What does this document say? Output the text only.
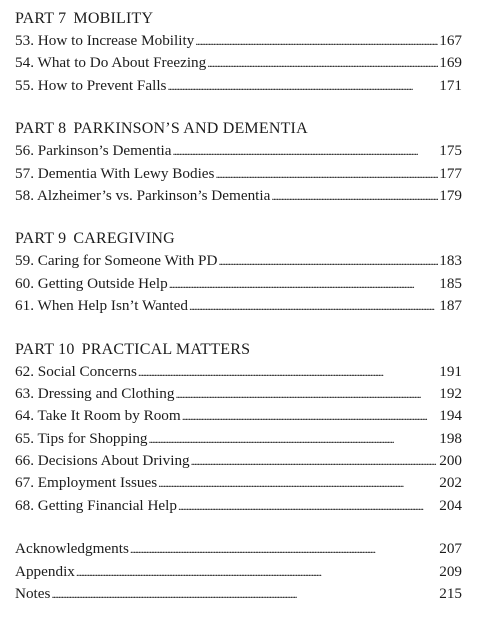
PART 7 MOBILITY
53. How to Increase Mobility . . .	167
54. What to Do About Freezing . . .	169
55. How to Prevent Falls . . .	171
PART 8 PARKINSON’S AND DEMENTIA
56. Parkinson’s Dementia . . .	175
57. Dementia With Lewy Bodies . . .	177
58. Alzheimer’s vs. Parkinson’s Dementia . . .	179
PART 9 CAREGIVING
59. Caring for Someone With PD . . .	183
60. Getting Outside Help . . .	185
61. When Help Isn’t Wanted . . .	187
PART 10 PRACTICAL MATTERS
62. Social Concerns . . .	191
63. Dressing and Clothing . . .	192
64. Take It Room by Room . . .	194
65. Tips for Shopping . . .	198
66. Decisions About Driving . . .	200
67. Employment Issues . . .	202
68. Getting Financial Help . . .	204
Acknowledgments . . .	207
Appendix . . .	209
Notes . . .	215
